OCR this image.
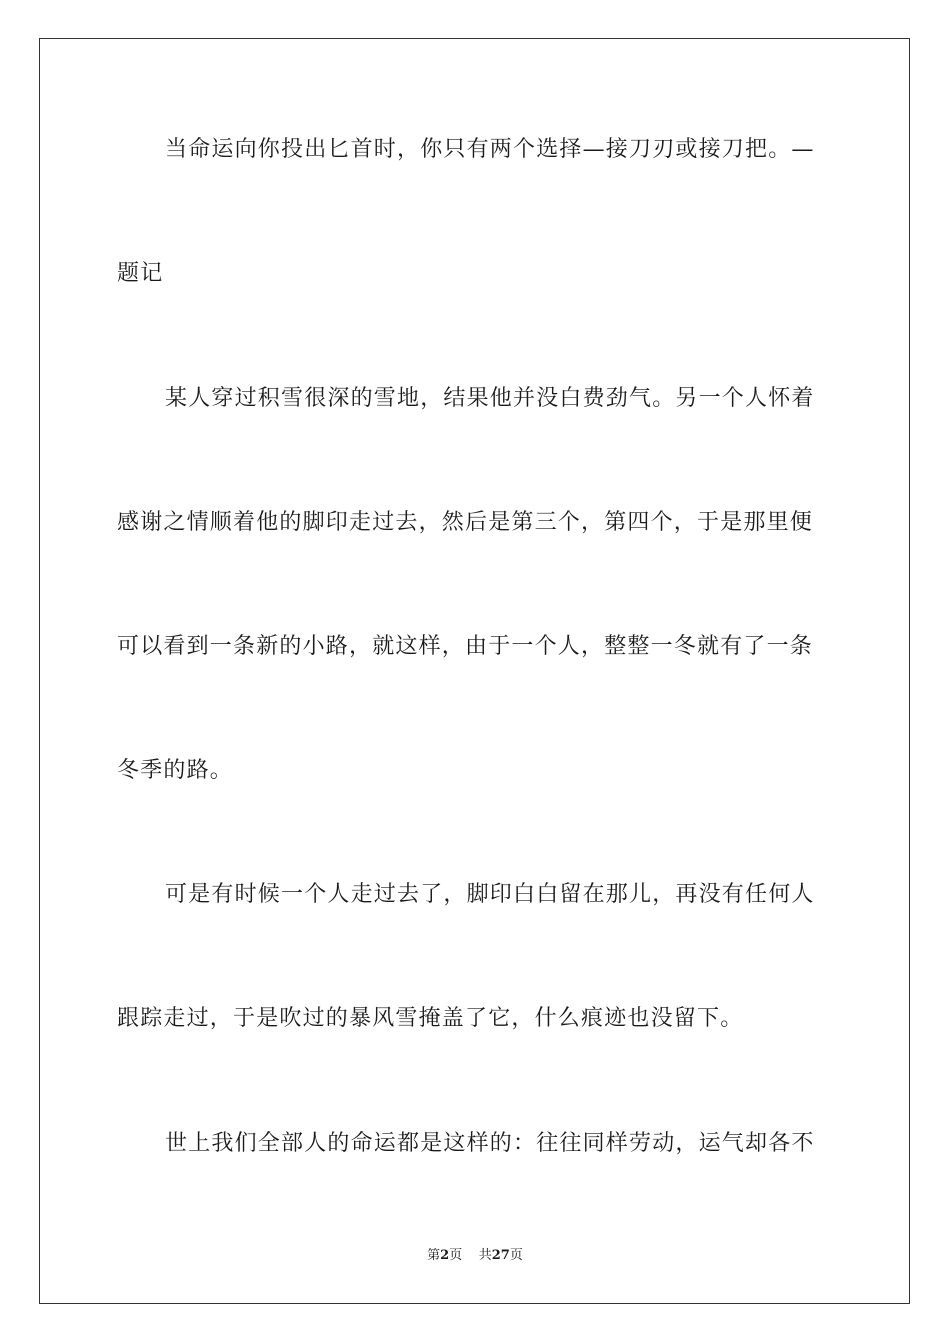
当命运向你投出匕首时，你只有两个选择—接刀刃或接刀把。—
题记
某人穿过积雪很深的雪地，结果他并没白费劲气。另一个人怀着
感谢之情顺着他的脚印走过去，然后是第三个，第四个，于是那里便
可以看到一条新的小路，就这样，由于一个人，整整一冬就有了一条
冬季的路。
可是有时候一个人走过去了，脚印白白留在那儿，再没有任何人
跟踪走过，于是吹过的暴风雪掩盖了它，什么痕迹也没留下。
世上我们全部人的命运都是这样的：往往同样劳动，运气却各不
第2页 共27页
